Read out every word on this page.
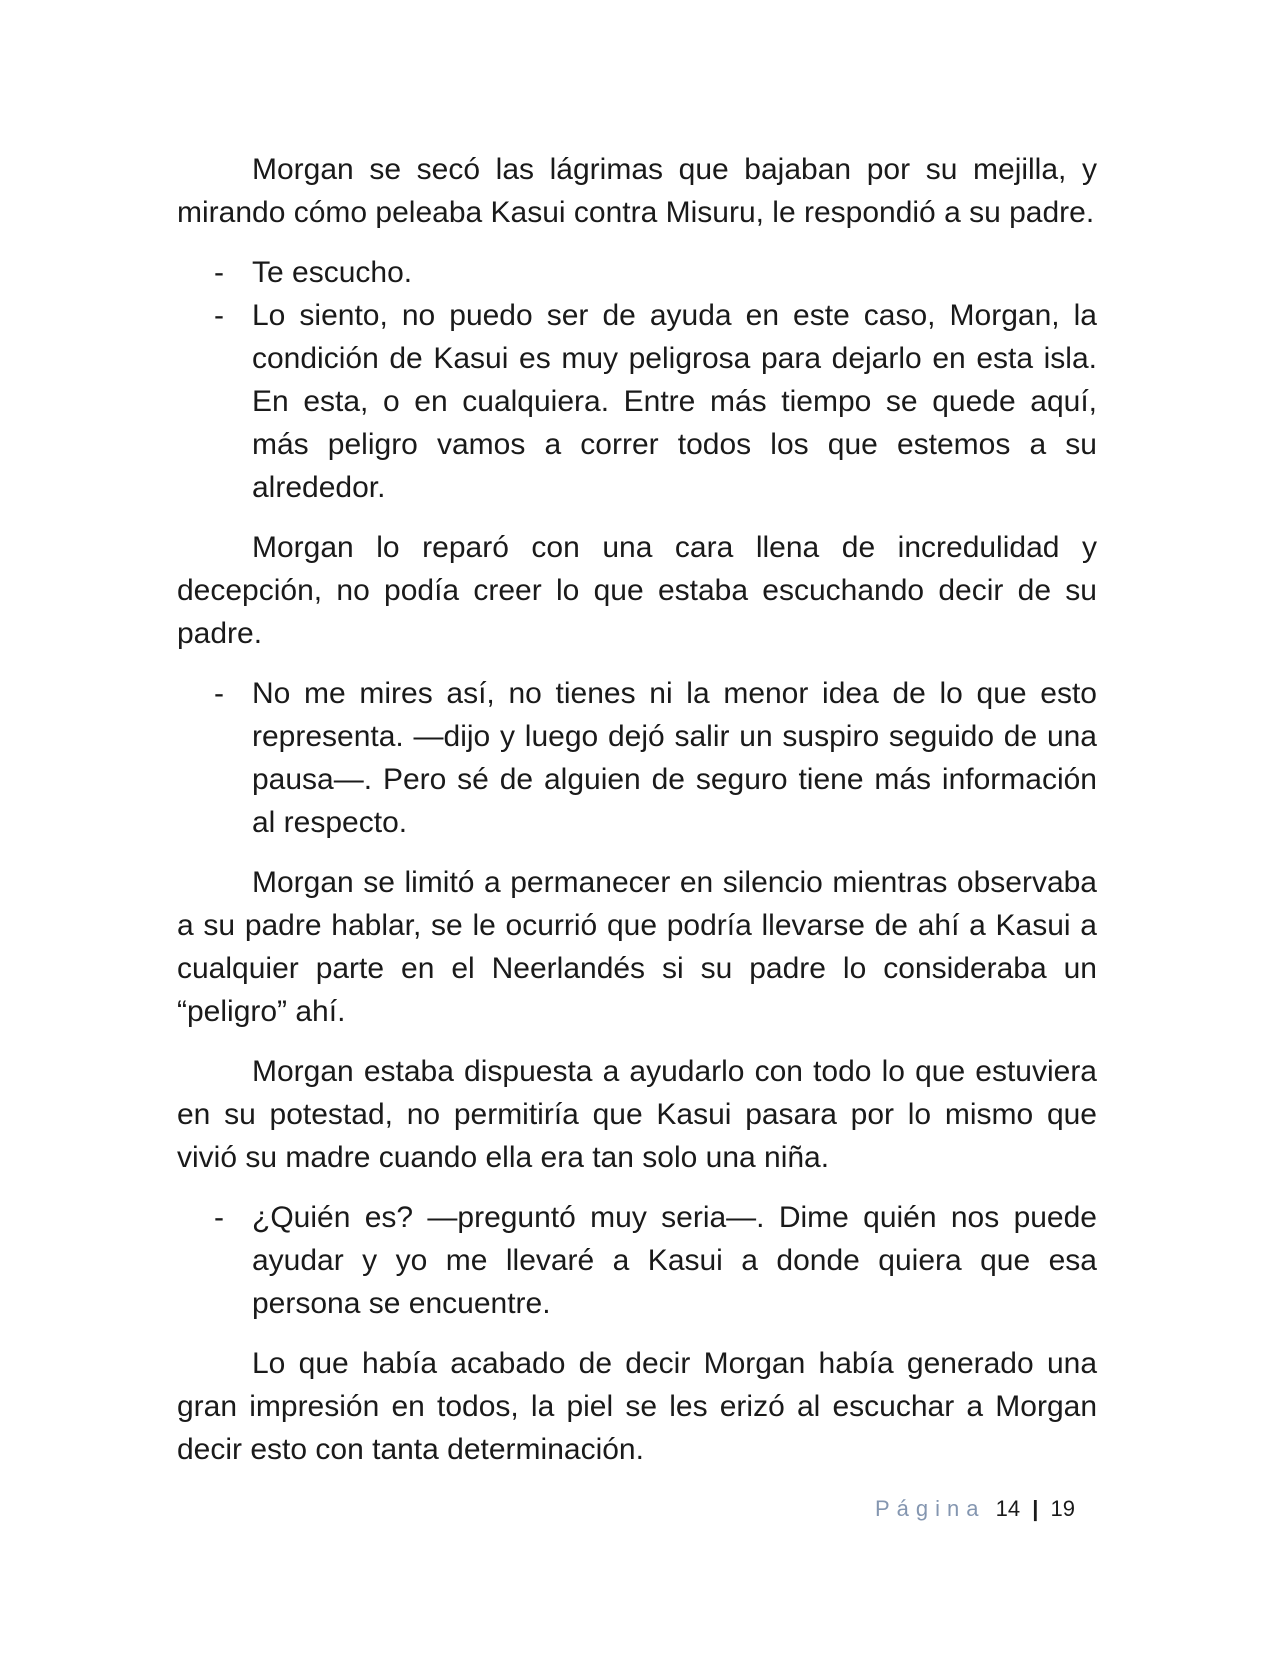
Morgan se secó las lágrimas que bajaban por su mejilla, y mirando cómo peleaba Kasui contra Misuru, le respondió a su padre.

- Te escucho.
- Lo siento, no puedo ser de ayuda en este caso, Morgan, la condición de Kasui es muy peligrosa para dejarlo en esta isla. En esta, o en cualquiera. Entre más tiempo se quede aquí, más peligro vamos a correr todos los que estemos a su alrededor.

Morgan lo reparó con una cara llena de incredulidad y decepción, no podía creer lo que estaba escuchando decir de su padre.

- No me mires así, no tienes ni la menor idea de lo que esto representa. —dijo y luego dejó salir un suspiro seguido de una pausa—. Pero sé de alguien de seguro tiene más información al respecto.

Morgan se limitó a permanecer en silencio mientras observaba a su padre hablar, se le ocurrió que podría llevarse de ahí a Kasui a cualquier parte en el Neerlandés si su padre lo consideraba un “peligro” ahí.

Morgan estaba dispuesta a ayudarlo con todo lo que estuviera en su potestad, no permitiría que Kasui pasara por lo mismo que vivió su madre cuando ella era tan solo una niña.

- ¿Quién es? —preguntó muy seria—. Dime quién nos puede ayudar y yo me llevaré a Kasui a donde quiera que esa persona se encuentre.

Lo que había acabado de decir Morgan había generado una gran impresión en todos, la piel se les erizó al escuchar a Morgan decir esto con tanta determinación.

Página 14 | 19
